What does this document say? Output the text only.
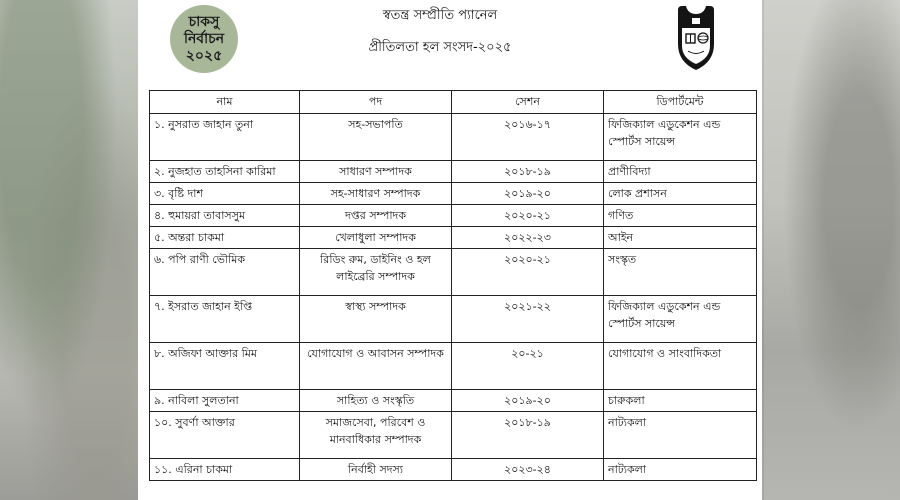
চাকসু
নির্বাচন
২০২৫
স্বতন্ত্র সম্প্রীতি প্যানেল
প্রীতিলতা হল সংসদ-২০২৫
নাম	পদ	সেশন	ডিপার্টমেন্ট
১. নুসরাত জাহান তুনা	সহ-সভাপতি	২০১৬-১৭	ফিজিক্যাল এডুকেশন এন্ড স্পোর্টস সায়েন্স
২. নুজহাত তাহসিনা কারিমা	সাধারণ সম্পাদক	২০১৮-১৯	প্রাণীবিদ্যা
৩. বৃষ্টি দাশ	সহ-সাধারণ সম্পাদক	২০১৯-২০	লোক প্রশাসন
৪. হুমায়রা তাবাসসুম	দপ্তর সম্পাদক	২০২০-২১	গণিত
৫. অন্তরা চাকমা	খেলাধুলা সম্পাদক	২০২২-২৩	আইন
৬. পপি রাণী ভৌমিক	রিডিং রুম, ডাইনিং ও হল লাইব্রেরি সম্পাদক	২০২০-২১	সংস্কৃত
৭. ইসরাত জাহান ইপ্তি	স্বাস্থ্য সম্পাদক	২০২১-২২	ফিজিক্যাল এডুকেশন এন্ড স্পোর্টস সায়েন্স
৮. অজিফা আক্তার মিম	যোগাযোগ ও আবাসন সম্পাদক	২০-২১	যোগাযোগ ও সাংবাদিকতা
৯. নাবিলা সুলতানা	সাহিত্য ও সংস্কৃতি	২০১৯-২০	চারুকলা
১০. সুবর্ণা আক্তার	সমাজসেবা, পরিবেশ ও মানবাধিকার সম্পাদক	২০১৮-১৯	নাট্যকলা
১১. এরিনা চাকমা	নির্বাহী সদস্য	২০২৩-২৪	নাট্যকলা
